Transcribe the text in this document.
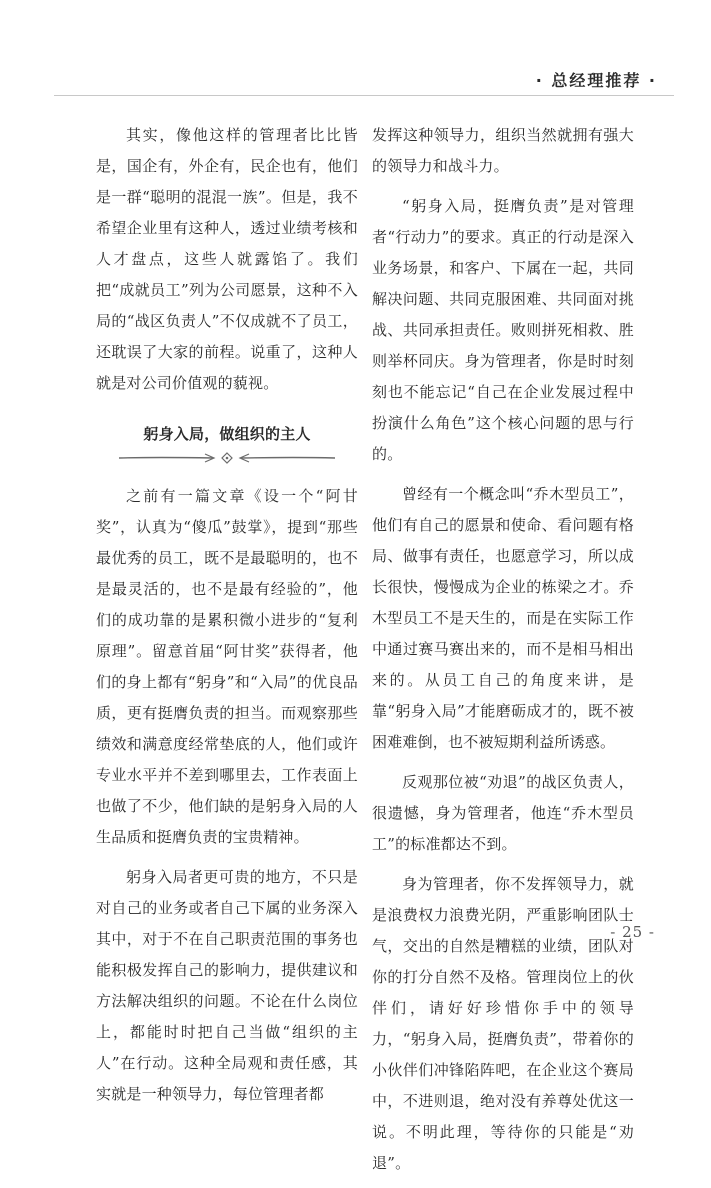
· 总经理推荐 ·

其实，像他这样的管理者比比皆是，国企有，外企有，民企也有，他们是一群“聪明的混混一族”。但是，我不希望企业里有这种人，透过业绩考核和人才盘点，这些人就露馅了。我们把“成就员工”列为公司愿景，这种不入局的“战区负责人”不仅成就不了员工，还耽误了大家的前程。说重了，这种人就是对公司价值观的藐视。

躬身入局，做组织的主人

之前有一篇文章《设一个“阿甘奖”，认真为“傻瓜”鼓掌》，提到“那些最优秀的员工，既不是最聪明的，也不是最灵活的，也不是最有经验的”，他们的成功靠的是累积微小进步的“复利原理”。留意首届“阿甘奖”获得者，他们的身上都有“躬身”和“入局”的优良品质，更有挺膺负责的担当。而观察那些绩效和满意度经常垫底的人，他们或许专业水平并不差到哪里去，工作表面上也做了不少，他们缺的是躬身入局的人生品质和挺膺负责的宝贵精神。

躬身入局者更可贵的地方，不只是对自己的业务或者自己下属的业务深入其中，对于不在自己职责范围的事务也能积极发挥自己的影响力，提供建议和方法解决组织的问题。不论在什么岗位上，都能时时把自己当做“组织的主人”在行动。这种全局观和责任感，其实就是一种领导力，每位管理者都

发挥这种领导力，组织当然就拥有强大的领导力和战斗力。

“躬身入局，挺膺负责”是对管理者“行动力”的要求。真正的行动是深入业务场景，和客户、下属在一起，共同解决问题、共同克服困难、共同面对挑战、共同承担责任。败则拼死相救、胜则举杯同庆。身为管理者，你是时时刻刻也不能忘记“自己在企业发展过程中扮演什么角色”这个核心问题的思与行的。

曾经有一个概念叫“乔木型员工”，他们有自己的愿景和使命、看问题有格局、做事有责任，也愿意学习，所以成长很快，慢慢成为企业的栋梁之才。乔木型员工不是天生的，而是在实际工作中通过赛马赛出来的，而不是相马相出来的。从员工自己的角度来讲，是靠“躬身入局”才能磨砺成才的，既不被困难难倒，也不被短期利益所诱惑。

反观那位被“劝退”的战区负责人，很遗憾，身为管理者，他连“乔木型员工”的标准都达不到。

身为管理者，你不发挥领导力，就是浪费权力浪费光阴，严重影响团队士气，交出的自然是糟糕的业绩，团队对你的打分自然不及格。管理岗位上的伙伴们，请好好珍惜你手中的领导力，“躬身入局，挺膺负责”，带着你的小伙伴们冲锋陷阵吧，在企业这个赛局中，不进则退，绝对没有养尊处优这一说。不明此理，等待你的只能是“劝退”。

- 25 -
